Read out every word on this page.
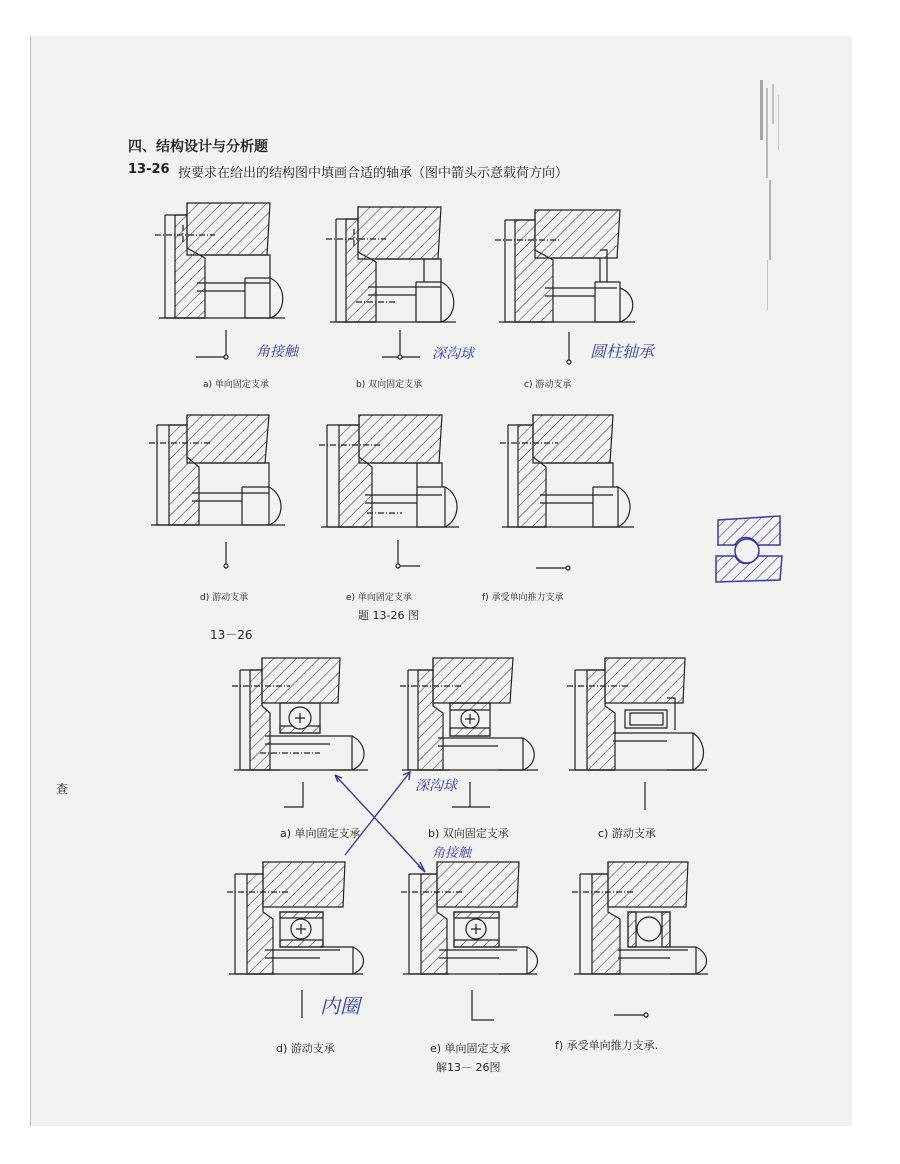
四、结构设计与分析题
13-26 按要求在给出的结构图中填画合适的轴承（图中箭头示意载荷方向）
a) 单向固定支承	b) 双向固定支承	c) 游动支承
d) 游动支承	e) 单向固定支承	f) 承受单向推力支承
题 13-26 图
角接触	深沟球	圆柱轴承
13－26
a) 单向固定支承	b) 双向固定支承	c) 游动支承
d) 游动支承	e) 单向固定支承	f) 承受单向推力支承.
解13－ 26图
深沟球
角接触
内圈
查
